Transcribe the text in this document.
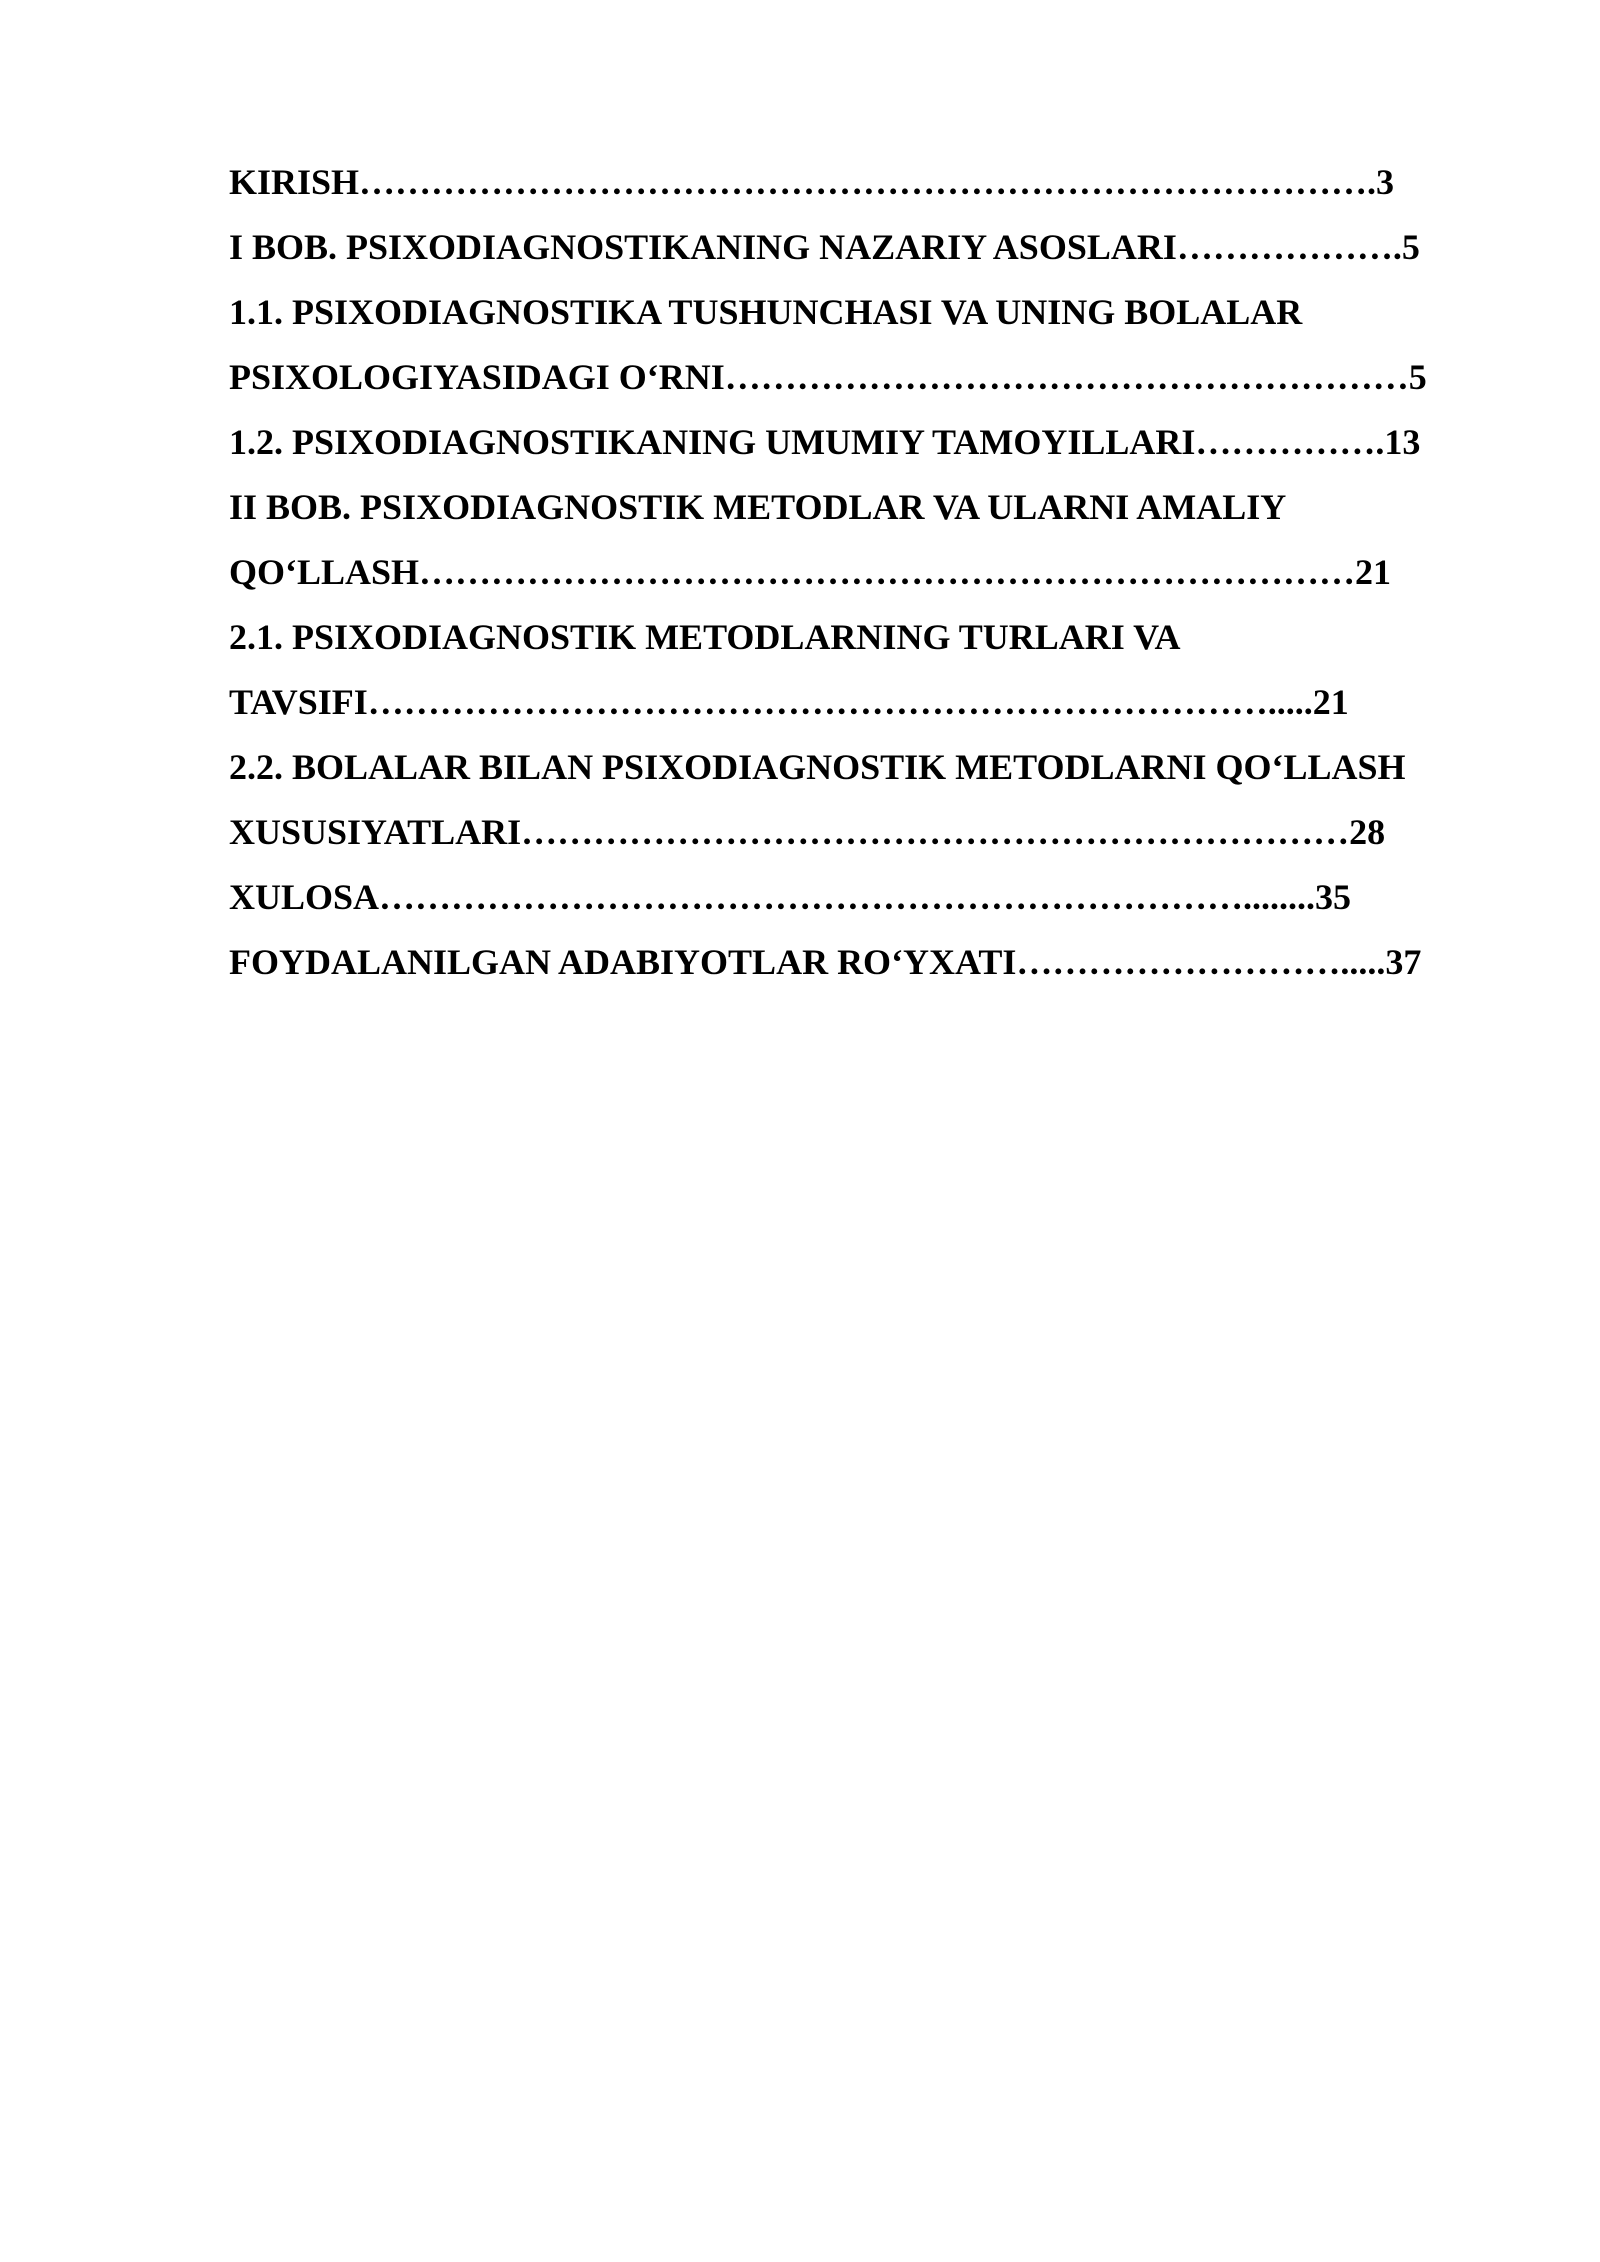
KIRISH………………………………………………………………………….3
I BOB. PSIXODIAGNOSTIKANING NAZARIY ASOSLARI……………….5
1.1. PSIXODIAGNOSTIKA TUSHUNCHASI VA UNING BOLALAR
PSIXOLOGIYASIDAGI O‘RNI…………………………………………………5
1.2. PSIXODIAGNOSTIKANING UMUMIY TAMOYILLARI…………….13
II BOB. PSIXODIAGNOSTIK METODLAR VA ULARNI AMALIY
QO‘LLASH……………………………………………………………………21
2.1. PSIXODIAGNOSTIK METODLARNING TURLARI VA
TAVSIFI………………………………………………………………….....21
2.2. BOLALAR BILAN PSIXODIAGNOSTIK METODLARNI QO‘LLASH
XUSUSIYATLARI……………………………………………………………28
XULOSA………………………………………………………………........35
FOYDALANILGAN ADABIYOTLAR RO‘YXATI……………………….....37
